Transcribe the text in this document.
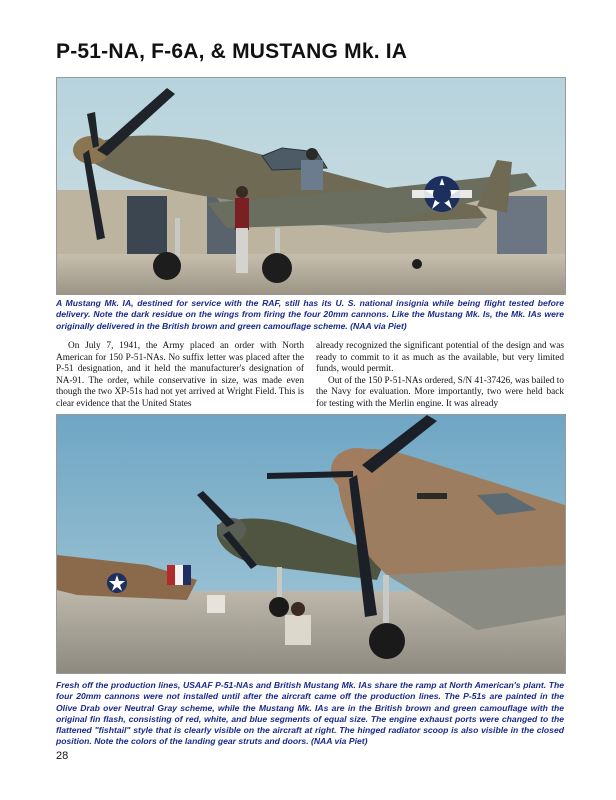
P-51-NA, F-6A, & MUSTANG Mk. IA

A Mustang Mk. IA, destined for service with the RAF, still has its U. S. national insignia while being flight tested before delivery. Note the dark residue on the wings from firing the four 20mm cannons. Like the Mustang Mk. Is, the Mk. IAs were originally delivered in the British brown and green camouflage scheme. (NAA via Piet)

On July 7, 1941, the Army placed an order with North American for 150 P-51-NAs. No suffix letter was placed after the P-51 designation, and it held the manufacturer's designation of NA-91. The order, while conservative in size, was made even though the two XP-51s had not yet arrived at Wright Field. This is clear evidence that the United States

already recognized the significant potential of the design and was ready to commit to it as much as the available, but very limited funds, would permit.

Out of the 150 P-51-NAs ordered, S/N 41-37426, was bailed to the Navy for evaluation. More importantly, two were held back for testing with the Merlin engine. It was already

Fresh off the production lines, USAAF P-51-NAs and British Mustang Mk. IAs share the ramp at North American's plant. The four 20mm cannons were not installed until after the aircraft came off the production lines. The P-51s are painted in the Olive Drab over Neutral Gray scheme, while the Mustang Mk. IAs are in the British brown and green camouflage with the original fin flash, consisting of red, white, and blue segments of equal size. The engine exhaust ports were changed to the flattened "fishtail" style that is clearly visible on the aircraft at right. The hinged radiator scoop is also visible in the closed position. Note the colors of the landing gear struts and doors. (NAA via Piet)

28
